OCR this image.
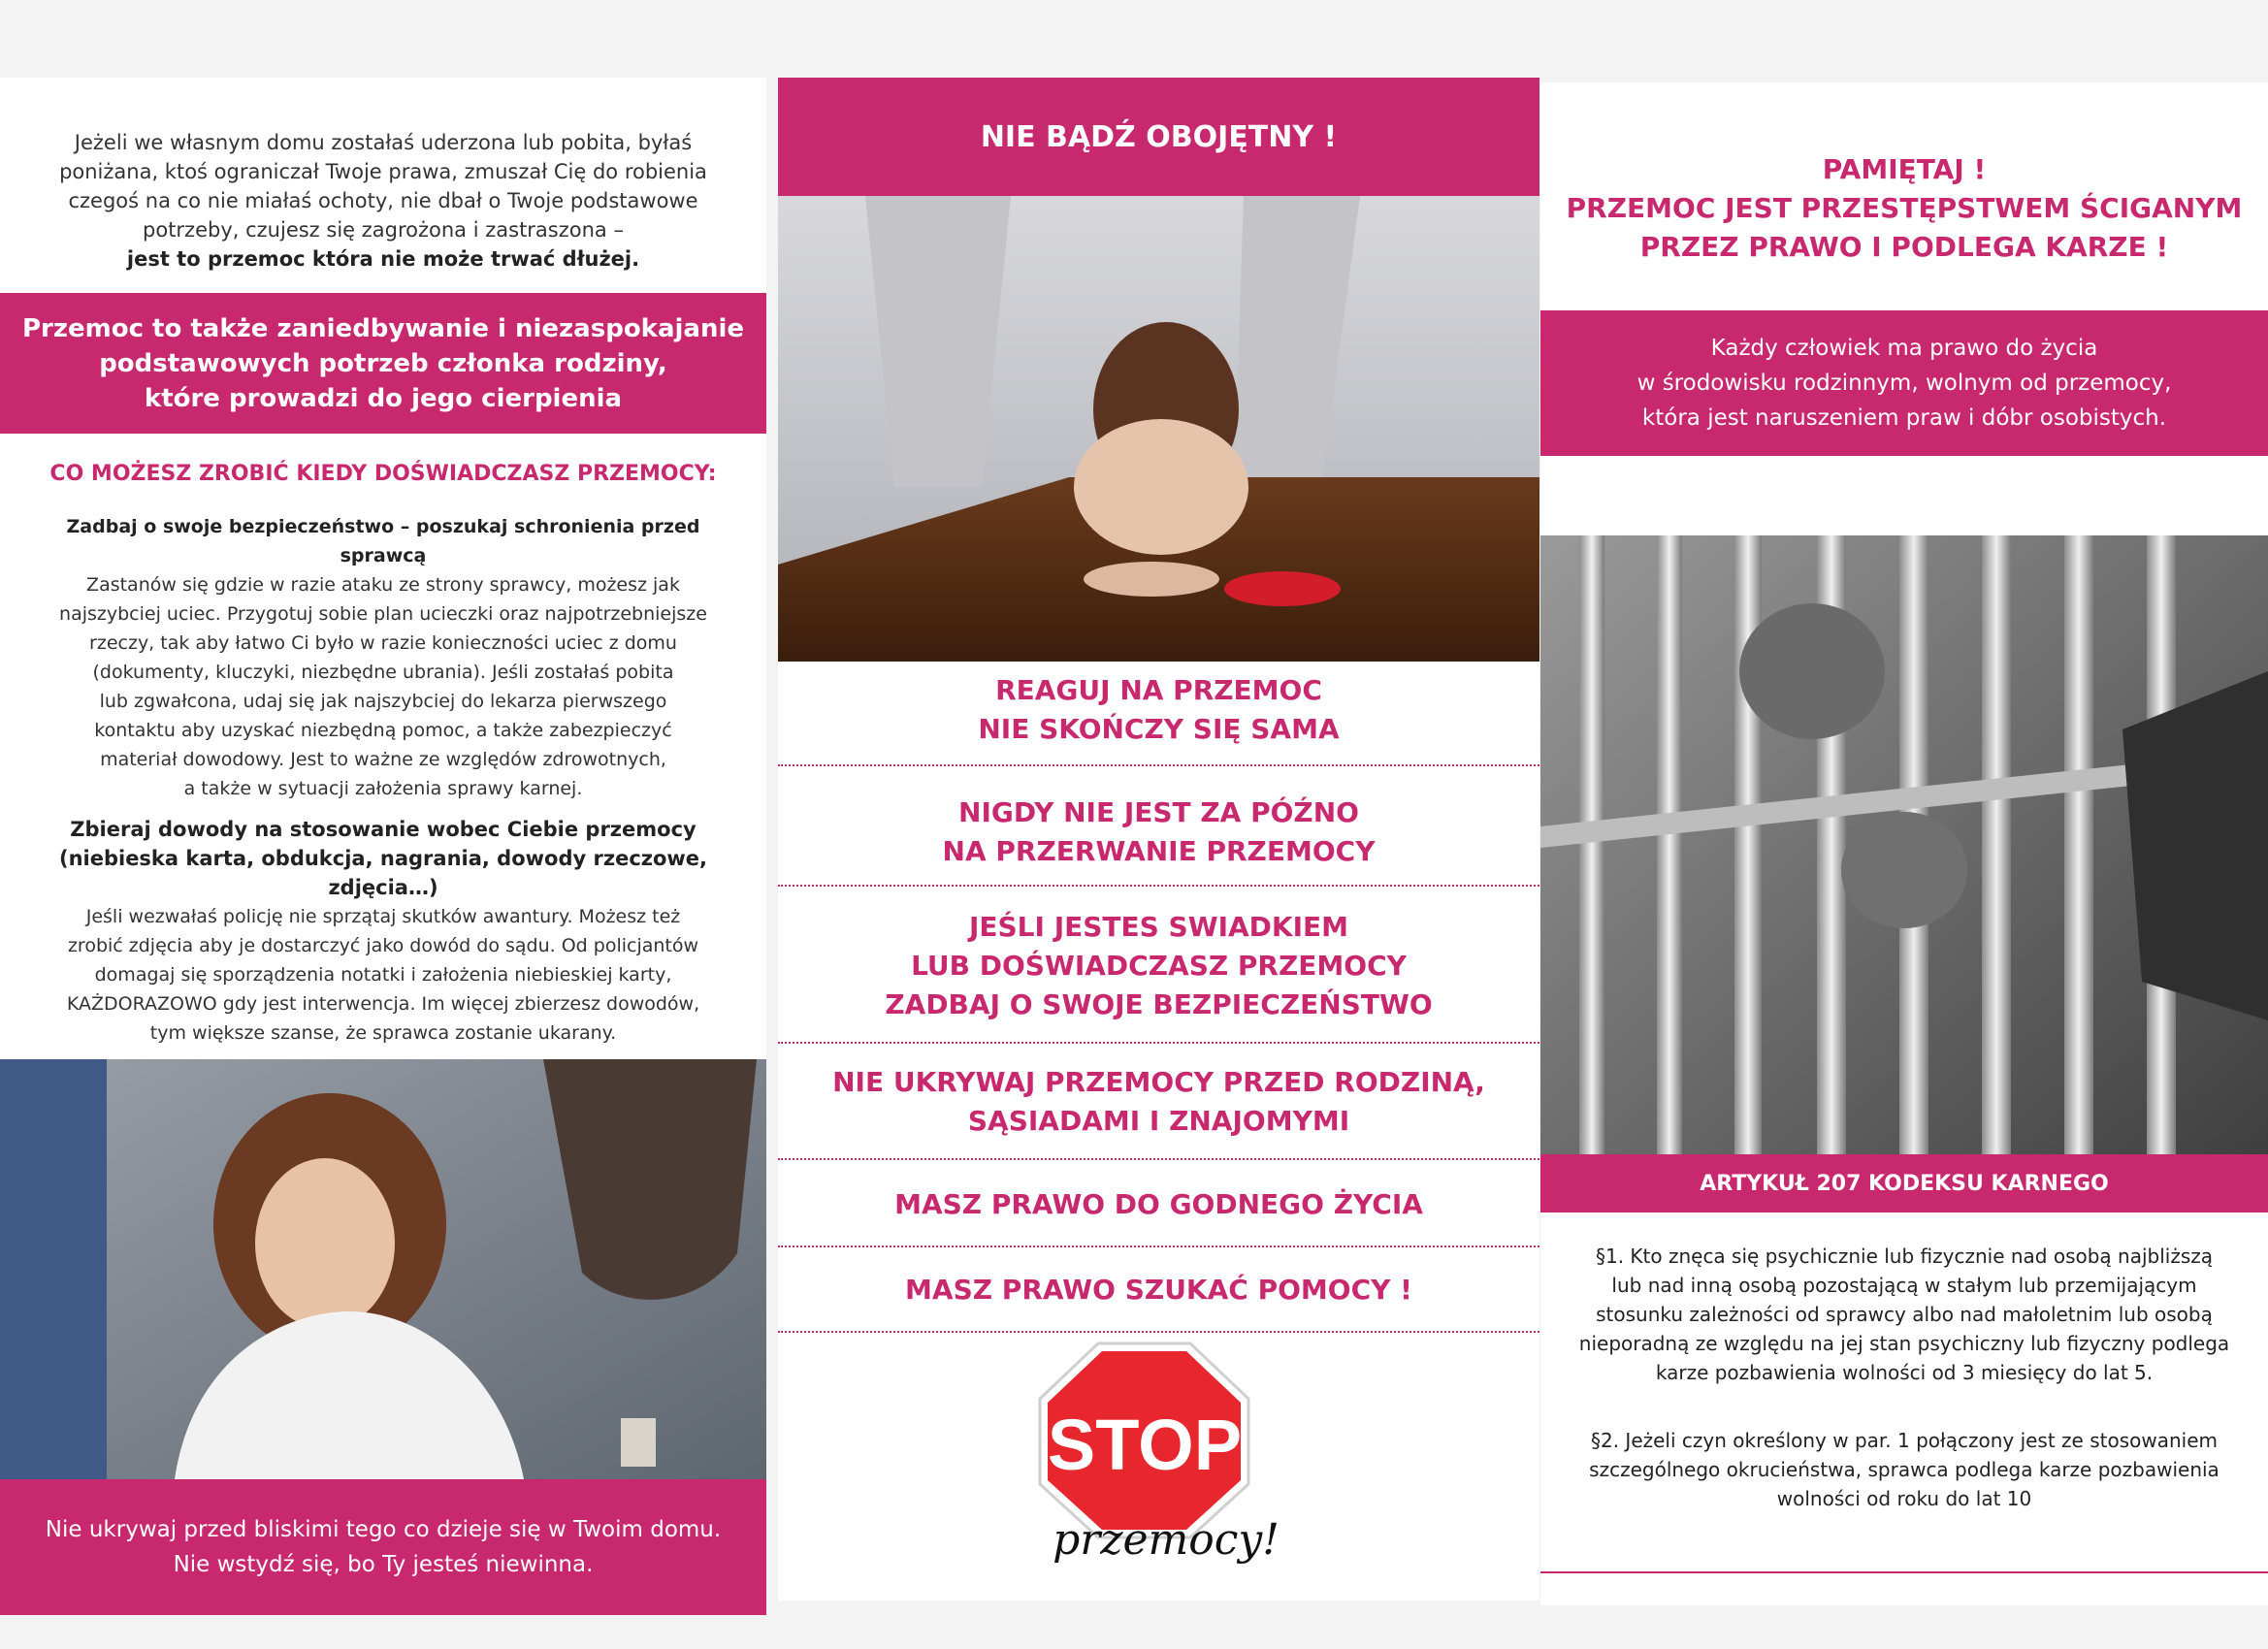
Jeżeli we własnym domu zostałaś uderzona lub pobita, byłaś
poniżana, ktoś ograniczał Twoje prawa, zmuszał Cię do robienia
czegoś na co nie miałaś ochoty, nie dbał o Twoje podstawowe
potrzeby, czujesz się zagrożona i zastraszona –
jest to przemoc która nie może trwać dłużej.
Przemoc to także zaniedbywanie i niezaspokajanie
podstawowych potrzeb członka rodziny,
które prowadzi do jego cierpienia
CO MOŻESZ ZROBIĆ KIEDY DOŚWIADCZASZ PRZEMOCY:
Zadbaj o swoje bezpieczeństwo – poszukaj schronienia przed sprawcą
Zastanów się gdzie w razie ataku ze strony sprawcy, możesz jak
najszybciej uciec. Przygotuj sobie plan ucieczki oraz najpotrzebniejsze
rzeczy, tak aby łatwo Ci było w razie konieczności uciec z domu
(dokumenty, kluczyki, niezbędne ubrania). Jeśli zostałaś pobita
lub zgwałcona, udaj się jak najszybciej do lekarza pierwszego
kontaktu aby uzyskać niezbędną pomoc, a także zabezpieczyć
materiał dowodowy. Jest to ważne ze względów zdrowotnych,
a także w sytuacji założenia sprawy karnej.
Zbieraj dowody na stosowanie wobec Ciebie przemocy
(niebieska karta, obdukcja, nagrania, dowody rzeczowe, zdjęcia…)
Jeśli wezwałaś policję nie sprzątaj skutków awantury. Możesz też
zrobić zdjęcia aby je dostarczyć jako dowód do sądu. Od policjantów
domagaj się sporządzenia notatki i założenia niebieskiej karty,
KAŻDORAZOWO gdy jest interwencja. Im więcej zbierzesz dowodów,
tym większe szanse, że sprawca zostanie ukarany.
Nie ukrywaj przed bliskimi tego co dzieje się w Twoim domu.
Nie wstydź się, bo Ty jesteś niewinna.
NIE BĄDŹ OBOJĘTNY !
REAGUJ NA PRZEMOC
NIE SKOŃCZY SIĘ SAMA
NIGDY NIE JEST ZA PÓŹNO
NA PRZERWANIE PRZEMOCY
JEŚLI JESTES SWIADKIEM
LUB DOŚWIADCZASZ PRZEMOCY
ZADBAJ O SWOJE BEZPIECZEŃSTWO
NIE UKRYWAJ PRZEMOCY PRZED RODZINĄ,
SĄSIADAMI I ZNAJOMYMI
MASZ PRAWO DO GODNEGO ŻYCIA
MASZ PRAWO SZUKAĆ POMOCY !
STOP
przemocy!
PAMIĘTAJ !
PRZEMOC JEST PRZESTĘPSTWEM ŚCIGANYM
PRZEZ PRAWO I PODLEGA KARZE !
Każdy człowiek ma prawo do życia
w środowisku rodzinnym, wolnym od przemocy,
która jest naruszeniem praw i dóbr osobistych.
ARTYKUŁ 207 KODEKSU KARNEGO
§1. Kto znęca się psychicznie lub fizycznie nad osobą najbliższą
lub nad inną osobą pozostającą w stałym lub przemijającym
stosunku zależności od sprawcy albo nad małoletnim lub osobą
nieporadną ze względu na jej stan psychiczny lub fizyczny podlega
karze pozbawienia wolności od 3 miesięcy do lat 5.
§2. Jeżeli czyn określony w par. 1 połączony jest ze stosowaniem
szczególnego okrucieństwa, sprawca podlega karze pozbawienia
wolności od roku do lat 10
